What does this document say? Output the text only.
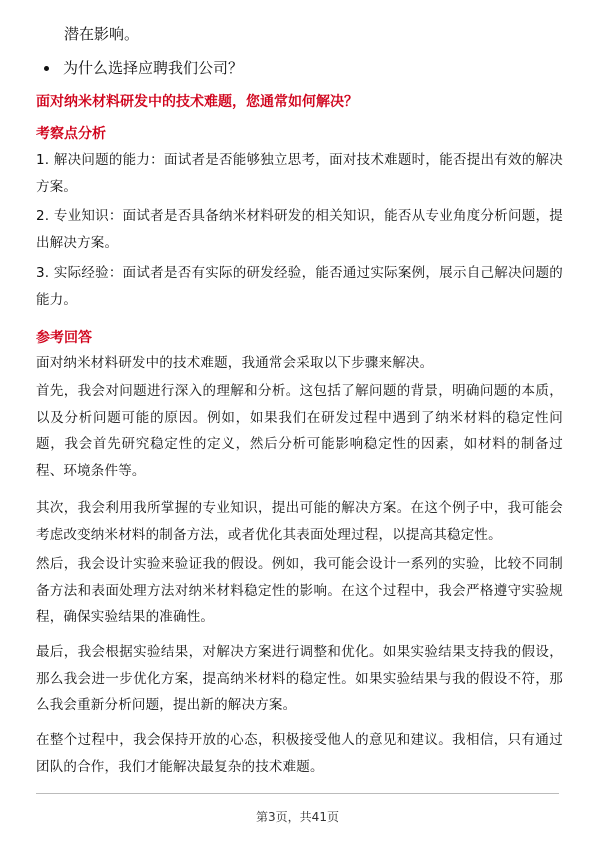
潜在影响。
为什么选择应聘我们公司？
面对纳米材料研发中的技术难题，您通常如何解决？
考察点分析
1. 解决问题的能力：面试者是否能够独立思考，面对技术难题时，能否提出有效的解决方案。
2. 专业知识：面试者是否具备纳米材料研发的相关知识，能否从专业角度分析问题，提出解决方案。
3. 实际经验：面试者是否有实际的研发经验，能否通过实际案例，展示自己解决问题的能力。
参考回答
面对纳米材料研发中的技术难题，我通常会采取以下步骤来解决。
首先，我会对问题进行深入的理解和分析。这包括了解问题的背景，明确问题的本质，以及分析问题可能的原因。例如，如果我们在研发过程中遇到了纳米材料的稳定性问题，我会首先研究稳定性的定义，然后分析可能影响稳定性的因素，如材料的制备过程、环境条件等。
其次，我会利用我所掌握的专业知识，提出可能的解决方案。在这个例子中，我可能会考虑改变纳米材料的制备方法，或者优化其表面处理过程，以提高其稳定性。
然后，我会设计实验来验证我的假设。例如，我可能会设计一系列的实验，比较不同制备方法和表面处理方法对纳米材料稳定性的影响。在这个过程中，我会严格遵守实验规程，确保实验结果的准确性。
最后，我会根据实验结果，对解决方案进行调整和优化。如果实验结果支持我的假设，那么我会进一步优化方案，提高纳米材料的稳定性。如果实验结果与我的假设不符，那么我会重新分析问题，提出新的解决方案。
在整个过程中，我会保持开放的心态，积极接受他人的意见和建议。我相信，只有通过团队的合作，我们才能解决最复杂的技术难题。
第3页，共41页
